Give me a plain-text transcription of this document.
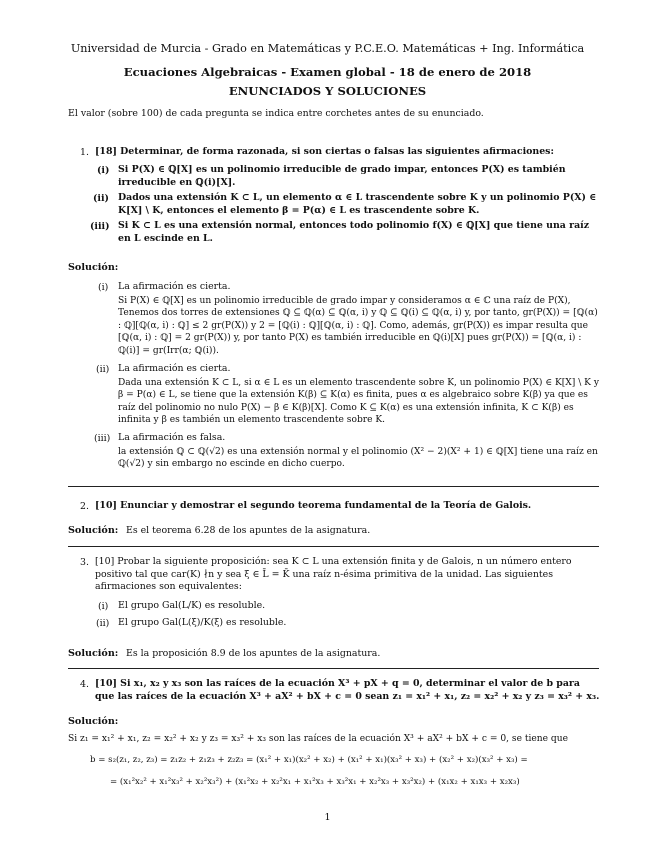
Universidad de Murcia - Grado en Matemáticas y P.C.E.O. Matemáticas + Ing. Informática
Ecuaciones Algebraicas - Examen global - 18 de enero de 2018
ENUNCIADOS Y SOLUCIONES
El valor (sobre 100) de cada pregunta se indica entre corchetes antes de su enunciado.
1. [18] Determinar, de forma razonada, si son ciertas o falsas las siguientes afirmaciones:
(i) Si P(X) ∈ ℚ[X] es un polinomio irreducible de grado impar, entonces P(X) es también irreducible en ℚ(i)[X].
(ii) Dados una extensión K ⊂ L, un elemento α ∈ L trascendente sobre K y un polinomio P(X) ∈ K[X] \ K, entonces el elemento β = P(α) ∈ L es trascendente sobre K.
(iii) Si K ⊂ L es una extensión normal, entonces todo polinomio f(X) ∈ ℚ[X] que tiene una raíz en L escinde en L.
Solución:
(i) La afirmación es cierta.
Si P(X) ∈ ℚ[X] es un polinomio irreducible de grado impar y consideramos α ∈ ℂ una raíz de P(X), Tenemos dos torres de extensiones ℚ ⊆ ℚ(α) ⊆ ℚ(α, i) y ℚ ⊆ ℚ(i) ⊆ ℚ(α, i) y, por tanto, gr(P(X)) = [ℚ(α) : ℚ][ℚ(α, i) : ℚ] ≤ 2 gr(P(X)) y 2 = [ℚ(i) : ℚ][ℚ(α, i) : ℚ]. Como, además, gr(P(X)) es impar resulta que [ℚ(α, i) : ℚ] = 2 gr(P(X)) y, por tanto P(X) es también irreducible en ℚ(i)[X] pues gr(P(X)) = [ℚ(α, i) : ℚ(i)] = gr(Irr(α; ℚ(i)).
(ii) La afirmación es cierta.
Dada una extensión K ⊂ L, si α ∈ L es un elemento trascendente sobre K, un polinomio P(X) ∈ K[X] \ K y β = P(α) ∈ L, se tiene que la extensión K(β) ⊆ K(α) es finita, pues α es algebraico sobre K(β) ya que es raíz del polinomio no nulo P(X) − β ∈ K(β)[X]. Como K ⊆ K(α) es una extensión infinita, K ⊂ K(β) es infinita y β es también un elemento trascendente sobre K.
(iii) La afirmación es falsa.
la extensión ℚ ⊂ ℚ(√2) es una extensión normal y el polinomio (X² − 2)(X² + 1) ∈ ℚ[X] tiene una raíz en ℚ(√2) y sin embargo no escinde en dicho cuerpo.
2. [10] Enunciar y demostrar el segundo teorema fundamental de la Teoría de Galois.
Solución: Es el teorema 6.28 de los apuntes de la asignatura.
3. [10] Probar la siguiente proposición: sea K ⊂ L una extensión finita y de Galois, n un número entero positivo tal que car(K) ∤n y sea ξ ∈ L̄ = K̄ una raíz n-ésima primitiva de la unidad. Las siguientes afirmaciones son equivalentes:
(i) El grupo Gal(L/K) es resoluble.
(ii) El grupo Gal(L(ξ)/K(ξ) es resoluble.
Solución: Es la proposición 8.9 de los apuntes de la asignatura.
4. [10] Si x₁, x₂ y x₃ son las raíces de la ecuación X³ + pX + q = 0, determinar el valor de b para que las raíces de la ecuación X³ + aX² + bX + c = 0 sean z₁ = x₁² + x₁, z₂ = x₂² + x₂ y z₃ = x₃² + x₃.
Solución:
Si z₁ = x₁² + x₁, z₂ = x₂² + x₂ y z₃ = x₃² + x₃ son las raíces de la ecuación X³ + aX² + bX + c = 0, se tiene que
b = s₂(z₁, z₂, z₃) = z₁z₂ + z₁z₃ + z₂z₃ = (x₁² + x₁)(x₂² + x₂) + (x₁² + x₁)(x₃² + x₃) + (x₂² + x₂)(x₃² + x₃) =
= (x₁²x₂² + x₁²x₃² + x₂²x₃²) + (x₁²x₂ + x₂²x₁ + x₁²x₃ + x₃²x₁ + x₂²x₃ + x₃²x₂) + (x₁x₂ + x₁x₃ + x₂x₃)
1
